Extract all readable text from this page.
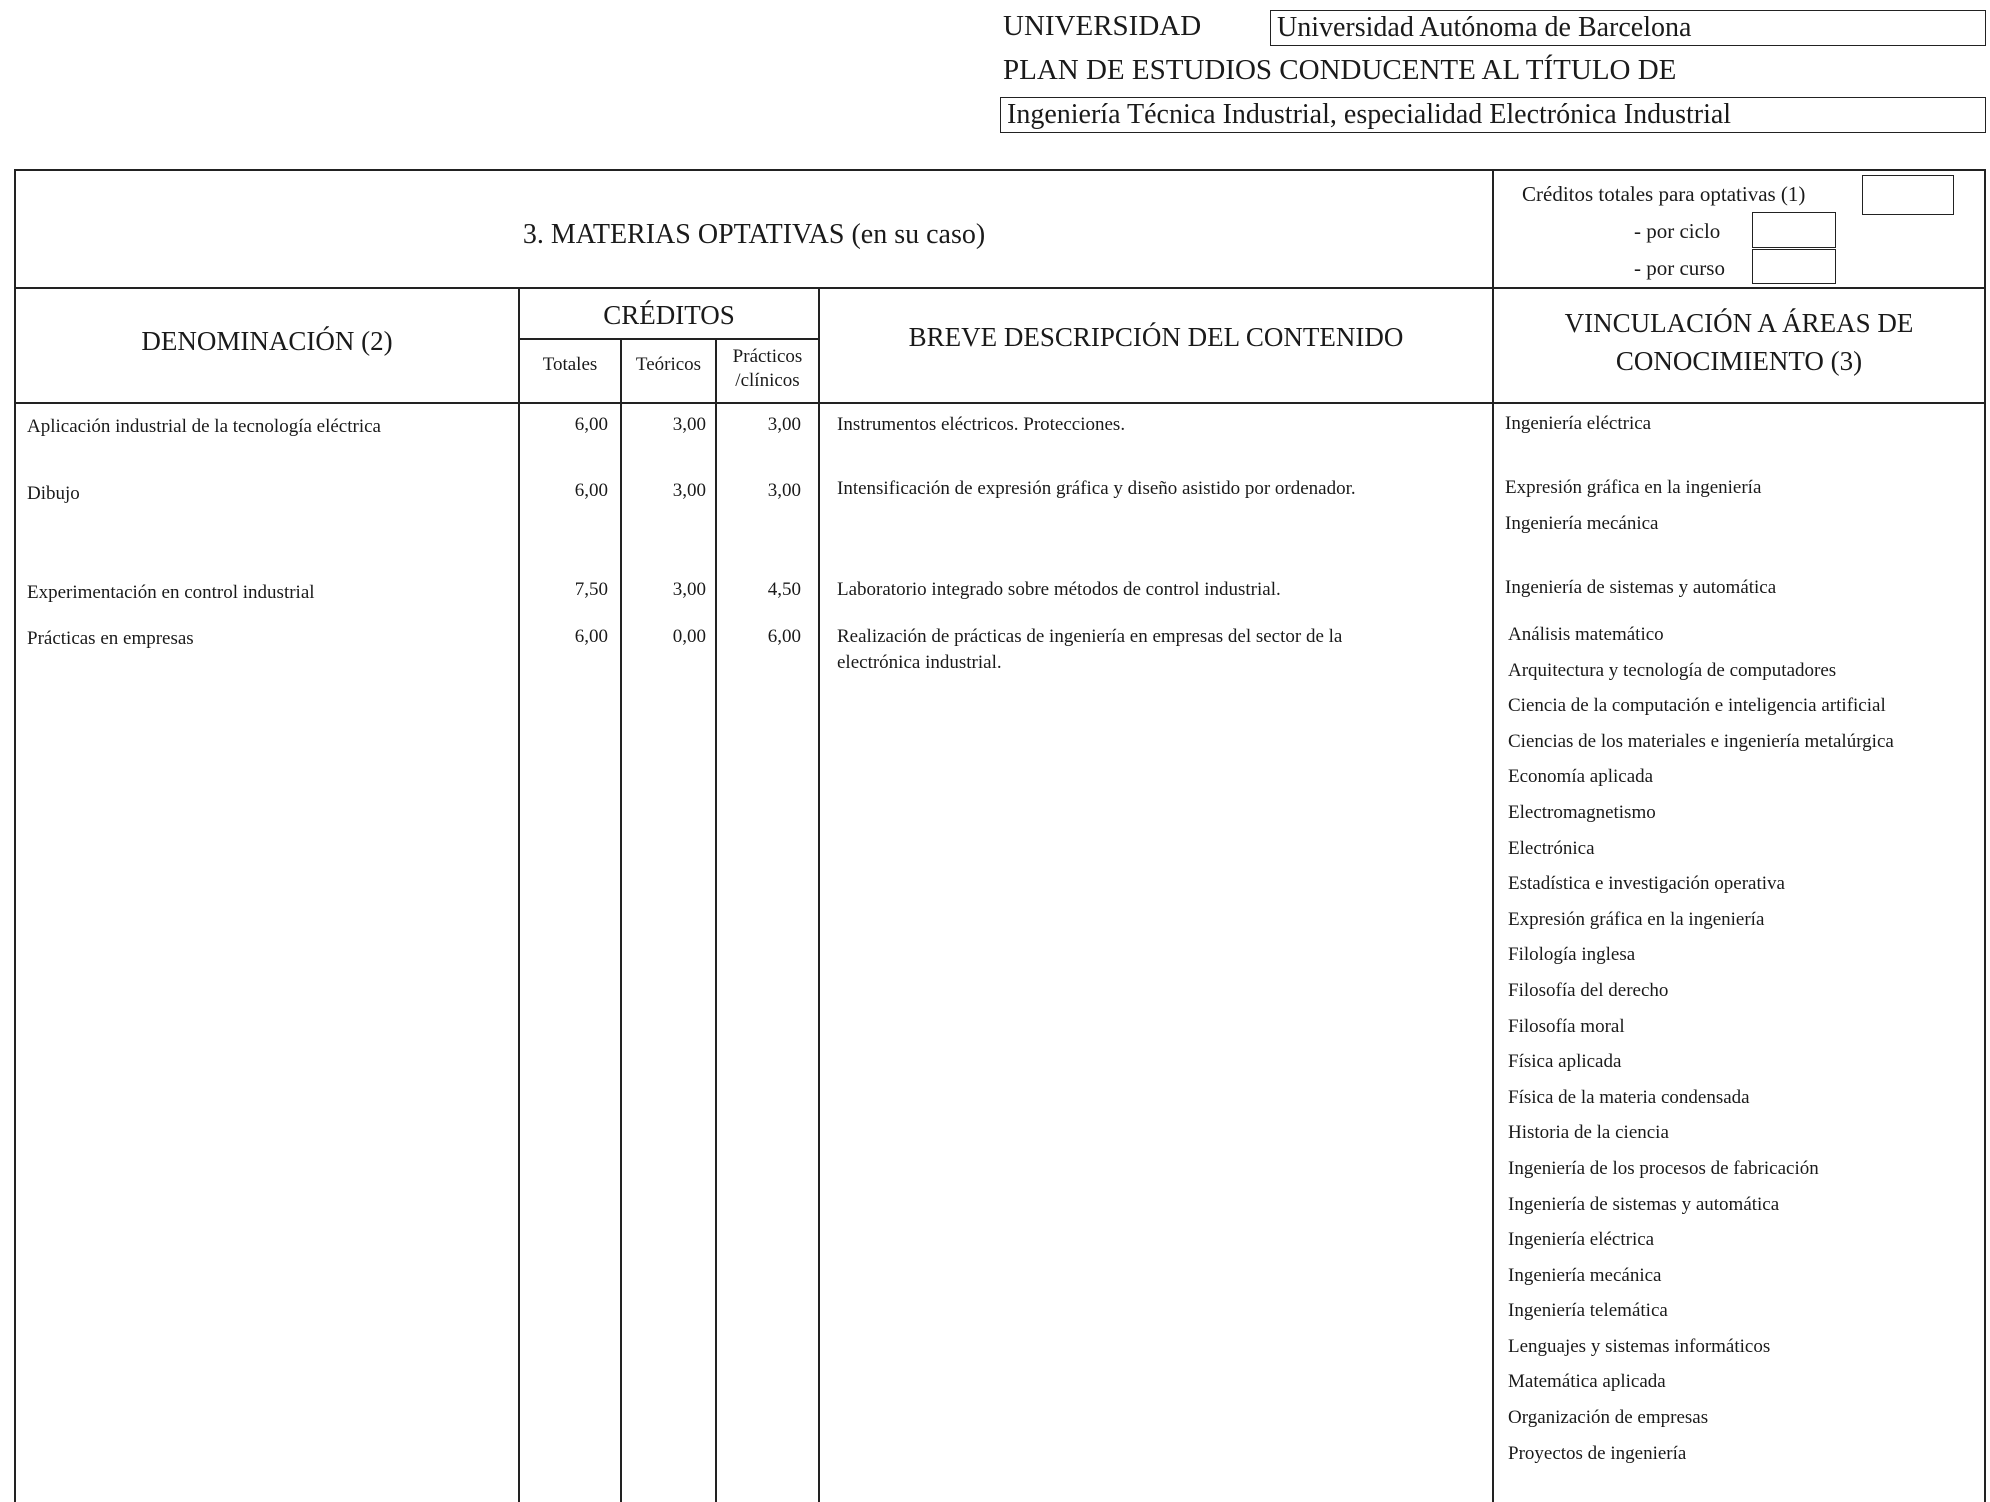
UNIVERSIDAD	Universidad Autónoma de Barcelona
PLAN DE ESTUDIOS CONDUCENTE AL TÍTULO DE
Ingeniería Técnica Industrial, especialidad Electrónica Industrial
3. MATERIAS OPTATIVAS (en su caso)
Créditos totales para optativas (1)
- por ciclo
- por curso
DENOMINACIÓN (2)
CRÉDITOS
Totales	Teóricos	Prácticos
/clínicos
BREVE DESCRIPCIÓN DEL CONTENIDO	VINCULACIÓN A ÁREAS DE
CONOCIMIENTO (3)
Aplicación industrial de la tecnología eléctrica	6,00	3,00	3,00 Instrumentos eléctricos. Protecciones.	Ingeniería eléctrica
Dibujo	6,00	3,00	3,00 Intensificación de expresión gráfica y diseño asistido por ordenador.	Expresión gráfica en la ingeniería
Ingeniería mecánica
Experimentación en control industrial	7,50	3,00	4,50 Laboratorio integrado sobre métodos de control industrial.	Ingeniería de sistemas y automática
Prácticas en empresas	6,00	0,00	6,00 Realización de prácticas de ingeniería en empresas del sector de la
electrónica industrial.
Análisis matemático
Arquitectura y tecnología de computadores
Ciencia de la computación e inteligencia artificial
Ciencias de los materiales e ingeniería metalúrgica
Economía aplicada
Electromagnetismo
Electrónica
Estadística e investigación operativa
Expresión gráfica en la ingeniería
Filología inglesa
Filosofía del derecho
Filosofía moral
Física aplicada
Física de la materia condensada
Historia de la ciencia
Ingeniería de los procesos de fabricación
Ingeniería de sistemas y automática
Ingeniería eléctrica
Ingeniería mecánica
Ingeniería telemática
Lenguajes y sistemas informáticos
Matemática aplicada
Organización de empresas
Proyectos de ingeniería
